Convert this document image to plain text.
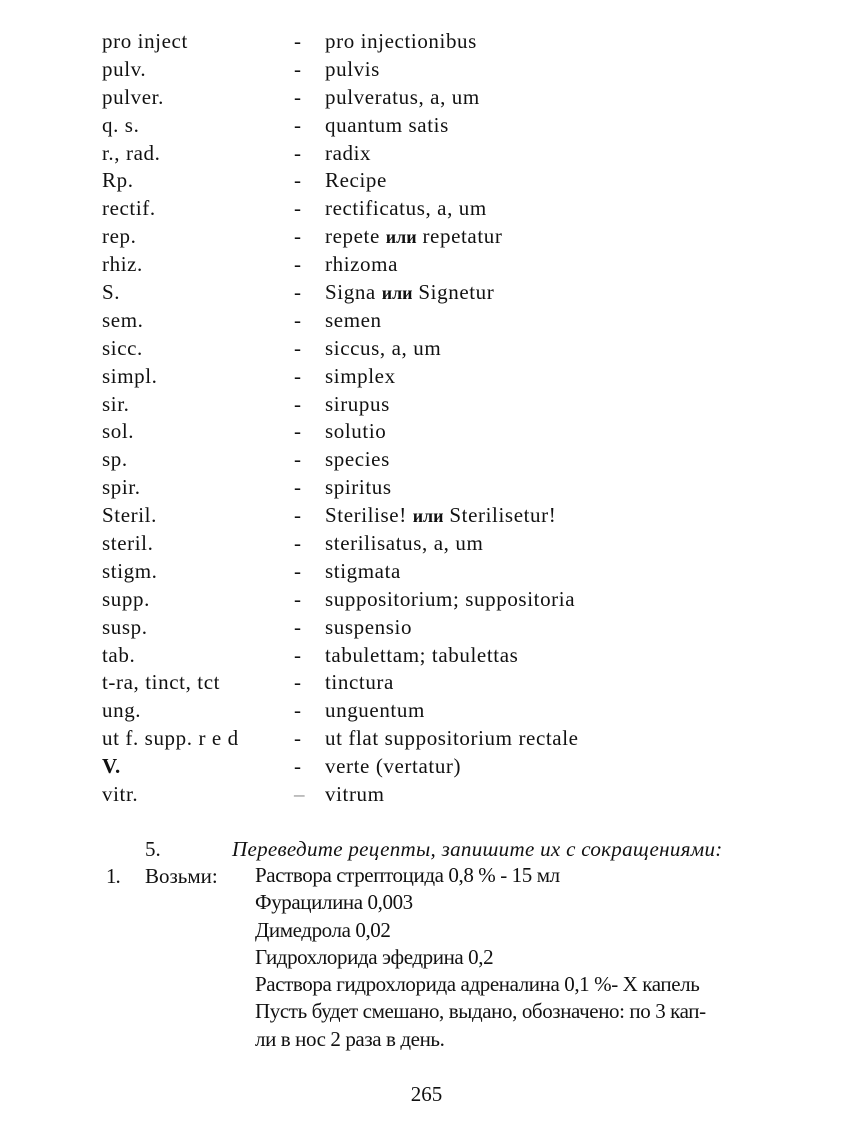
pro inject	- pro injectionibus
pulv.	- pulvis
pulver.	- pulveratus, a, um
q. s.	- quantum satis
r., rad.	- radix
Rp.	- Recipe
rectif.	- rectificatus, a, um
rep.	- repete или repetatur
rhiz.	- rhizoma
S.	- Signa или Signetur
sem.	- semen
sicc.	- siccus, a, um
simpl.	- simplex
sir.	- sirupus
sol.	- solutio
sp.	- species
spir.	- spiritus
Steril.	- Sterilise! или Sterilisetur!
steril.	- sterilisatus, a, um
stigm.	- stigmata
supp.	- suppositorium; suppositoria
susp.	- suspensio
tab.	- tabulettam; tabulettas
t-ra, tinct, tct	- tinctura
ung.	- unguentum
ut f. supp. r e d	- ut flat suppositorium rectale
V.	- verte (vertatur)
vitr.	– vitrum
5.	Переведите рецепты, запишите их с сокращениями:
1. Возьми: Раствора стрептоцида 0,8 % - 15 мл
Фурацилина 0,003
Димедрола 0,02
Гидрохлорида эфедрина 0,2
Раствора гидрохлорида адреналина 0,1 %- X капель
Пусть будет смешано, выдано, обозначено: по 3 кап-
ли в нос 2 раза в день.
265
